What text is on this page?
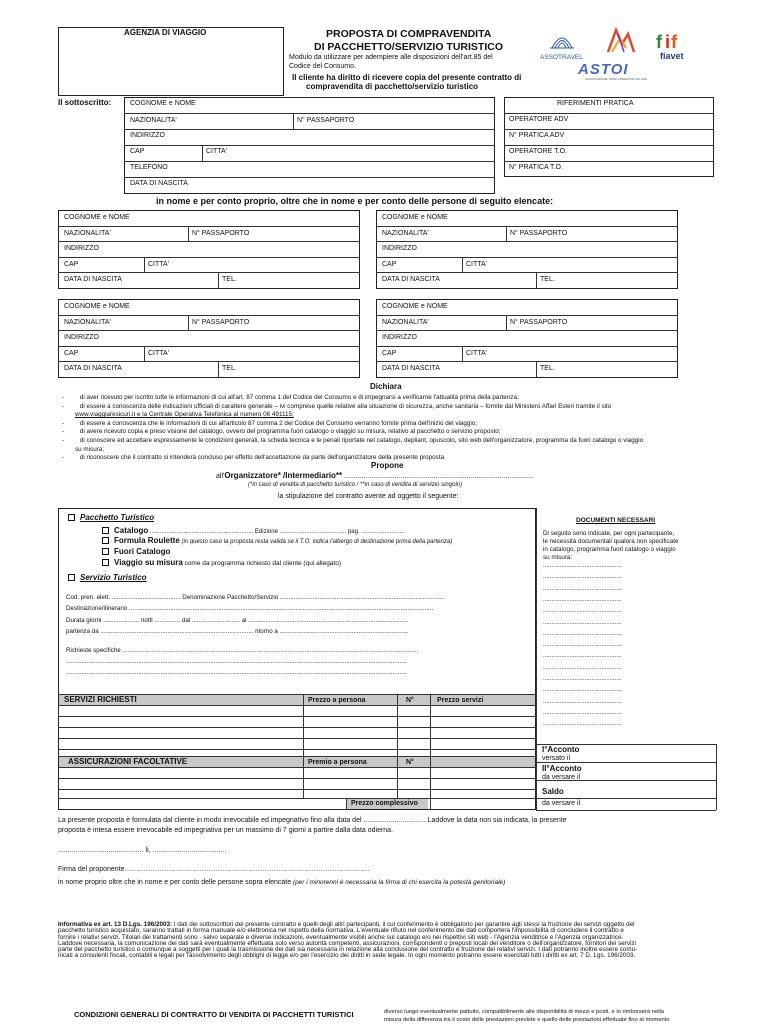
AGENZIA DI VIAGGIO	PROPOSTA DI COMPRAVENDITA
DI PACCHETTO/SERVIZIO TURISTICO
Modulo da utilizzare per adempiere alle disposizioni dell'art.85 del
Codice del Consumo.
Il cliente ha diritto di ricevere copia del presente contratto di
compravendita di pacchetto/servizio turistico
ASSOTRAVEL
ASTOI
ASSOCIAZIONE TOUR OPERATOR ITALIANI
f i f
fiavet
Il sottoscritto:	COGNOME e NOME
NAZIONALITA'	N° PASSAPORTO
INDIRIZZO
CAP	CITTA'
TELEFONO
DATA DI NASCITA
RIFERIMENTI PRATICA
OPERATORE ADV
N° PRATICA ADV
OPERATORE T.O.
N° PRATICA T.O.
in nome e per conto proprio, oltre che in nome e per conto delle persone di seguito elencate:
COGNOME e NOME
NAZIONALITA'	N° PASSAPORTO
INDIRIZZO
CAP	CITTA'
DATA DI NASCITA	TEL.
COGNOME e NOME
NAZIONALITA'	N° PASSAPORTO
INDIRIZZO
CAP	CITTA'
DATA DI NASCITA	TEL.
COGNOME e NOME
NAZIONALITA'	N° PASSAPORTO
INDIRIZZO
CAP	CITTA'
DATA DI NASCITA	TEL.
COGNOME e NOME
NAZIONALITA'	N° PASSAPORTO
INDIRIZZO
CAP	CITTA'
DATA DI NASCITA	TEL.
Dichiara
-         di aver ricevuto per iscritto tutte le informazioni di cui all'art. 87 comma 1 del Codice del Consumo e di impegnarsi a verificarne l'attualità prima della partenza;
-         di essere a conoscenza delle indicazioni ufficiali di carattere generale – ivi comprese quelle relative alla situazione di sicurezza, anche sanitaria – fornite dal Ministero Affari Esteri tramite il sito
www.viaggiaresicuri.it e la Centrale Operativa Telefonica al numero 06 491115;
-         di essere a conoscenza che le informazioni di cui all'articolo 87 comma 2 del Codice del Consumo verranno fornite prima dell'inizio del viaggio;
-         di avere ricevuto copia e preso visione del catalogo, ovvero del programma fuori catalogo o viaggio su misura, relativo al pacchetto o servizio proposto;
-         di conoscere ed accettare espressamente le condizioni generali, la scheda tecnica e le penali riportate nel catalogo, depliant, opuscolo, sito web dell'organizzatore, programma da fuori catalogo o viaggio
su misura;
-         di riconoscere che il contratto si intenderà concluso per effetto dell'accettazione da parte dell'organizzatore della presente proposta
Propone
all'Organizzatore* /Intermediario** .................................................................................................
(*in caso di vendita di pacchetto turistico / **in caso di vendita di servizio singolo)
la stipulazione del contratto avente ad oggetto il seguente:
Pacchetto Turistico
Catalogo .............................................................. Edizione ........................................ pag. ..........................
Formula Roulette (in questo caso la proposta resta valida se il T.O. indica l'albergo di destinazione prima della partenza)
Fuori Catalogo
Viaggio su misura come da programma richiesto dal cliente (qui allegato)
Servizio Turistico
Cod. pren. elett. ........................................ Denominazione Pacchetto/Servizio ...............................................................................................
Destinazione/itinerario .................................................................................................................................................................................
Durata giorni ..................... notti ............... dal ............................ al .............................................................................................
partenza da ......................................................................................... ritorno a ...........................................................................
Richieste specifiche ............................................................................................................................................................................
......................................................................................................................................................................................................
......................................................................................................................................................................................................
SERVIZI RICHIESTI	Prezzo a persona	N°	Prezzo servizi
ASSICURAZIONI FACOLTATIVE	Premio a persona	N°
Prezzo complessivo
DOCUMENTI NECESSARI
Di seguito sono indicate, per ogni partecipante,
le necessità documentali qualora non specificate
in catalogo, programma fuori catalogo o viaggio
su misura:
...............................................
...............................................
...............................................
...............................................
...............................................
...............................................
...............................................
...............................................
...............................................
...............................................
...............................................
...............................................
...............................................
...............................................
...............................................
I°Acconto
versato il
II°Acconto
da versare il
Saldo
da versare il
La presente proposta è formulata dal cliente in modo irrevocabile ed impegnativo fino alla data del ................................ Laddove la data non sia indicata, la presente
proposta è intesa essere irrevocabile ed impegnativa per un massimo di 7 giorni a partire dalla data odierna.
............................................ li, ......................................
Firma del proponente……………………………………………………………………………………………
in nome proprio oltre che in nome e per conto delle persone sopra elencate (per i minorenni è necessaria la firma di chi esercita la potestà genitoriale)
Informativa ex art. 13 D.Lgs. 196/2003: I dati dei sottoscrittori del presente contratto e quelli degli altri partecipanti, il cui conferimento è obbligatorio per garantire agli stessi la fruizione dei servizi oggetto del
pacchetto turistico acquistato, saranno trattati in forma manuale e/o elettronica nel rispetto della normativa. L'eventuale rifiuto nel conferimento dei dati comporterà l'impossibilità di concludere il contratto e
fornire i relativi servizi. Titolari dei trattamenti sono - salvo separate e diverse indicazioni, eventualmente visibili anche sul catalogo e/o nei rispettivi siti web - l'Agenzia venditrice e l'Agenzia organizzatrice.
Laddove necessaria, la comunicazione dei dati sarà eventualmente effettuata solo verso autorità competenti, assicurazioni, corrispondenti o preposti locali del venditore o dell'organizzatore, fornitori dei servizi
parte del pacchetto turistico o comunque a soggetti per i quali la trasmissione dei dati sia necessaria in relazione alla conclusione del contratto e fruizione dei relativi servizi. I dati potranno inoltre essere comu-
nicati a consulenti fiscali, contabili e legali per l'assolvimento degli obblighi di legge e/o per l'esercizio dei diritti in sede legale. In ogni momento potranno essere esercitati tutti i diritti ex art. 7 D. Lgs. 196/2003.
CONDIZIONI GENERALI DI CONTRATTO DI VENDITA DI PACCHETTI TURISTICI	diverso luogo eventualmente pattuito, compatibilmente alle disponibilità di mezzi e posti, e lo rimborserà nella
misura della differenza tra il costo delle prestazioni previste e quello delle prestazioni effettuate fino al momento
